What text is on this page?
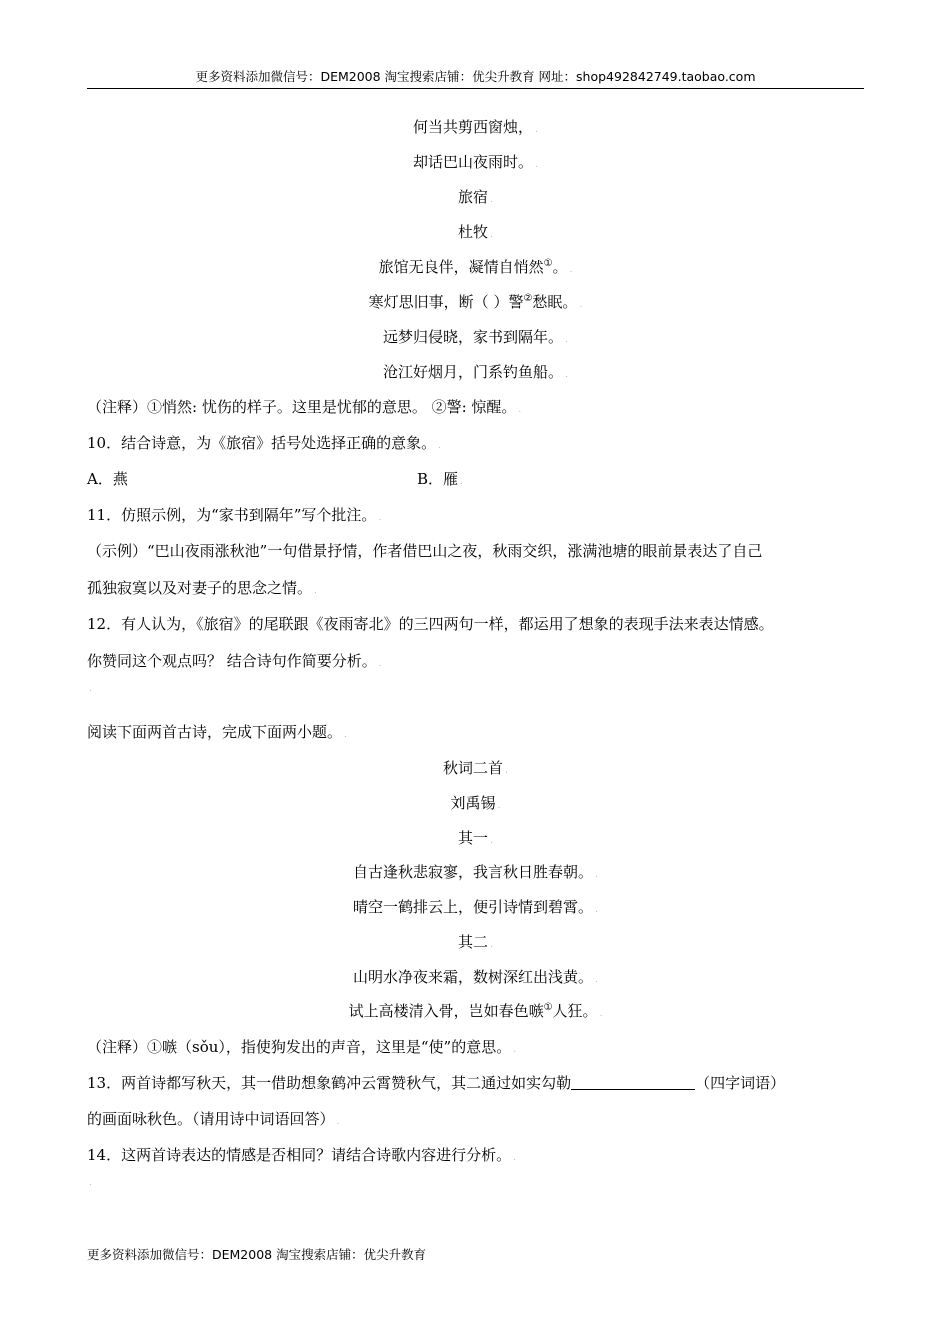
更多资料添加微信号：DEM2008 淘宝搜索店铺：优尖升教育 网址：shop492842749.taobao.com
何当共剪西窗烛， .
却话巴山夜雨时。 .
旅宿 .
杜牧 .
旅馆无良伴，凝情自悄然①。 .
寒灯思旧事，断（ ）警②愁眠。 .
远梦归侵晓，家书到隔年。 .
沧江好烟月，门系钓鱼船。 .
（注释）①悄然: 忧伤的样子。这里是忧郁的意思。 ②警: 惊醒。 .
10．结合诗意，为《旅宿》括号处选择正确的意象。 .
A．燕	B．雁 .
11．仿照示例，为“家书到隔年”写个批注。 .
（示例）“巴山夜雨涨秋池”一句借景抒情，作者借巴山之夜，秋雨交织，涨满池塘的眼前景表达了自己
孤独寂寞以及对妻子的思念之情。 .
12．有人认为，《旅宿》的尾联跟《夜雨寄北》的三四两句一样，都运用了想象的表现手法来表达情感。
你赞同这个观点吗？ 结合诗句作简要分析。 .
.
阅读下面两首古诗，完成下面两小题。 .
秋词二首 .
刘禹锡 .
其一 .
自古逢秋悲寂寥，我言秋日胜春朝。 .
晴空一鹤排云上，便引诗情到碧霄。 .
其二 .
山明水净夜来霜，数树深红出浅黄。 .
试上高楼清入骨，岂如春色嗾①人狂。 .
（注释）①嗾（sǒu），指使狗发出的声音，这里是“使”的意思。 .
13．两首诗都写秋天，其一借助想象鹤冲云霄赞秋气，其二通过如实勾勒	（四字词语）
的画面咏秋色。（请用诗中词语回答） .
14．这两首诗表达的情感是否相同？请结合诗歌内容进行分析。 .
.
更多资料添加微信号：DEM2008 淘宝搜索店铺：优尖升教育
